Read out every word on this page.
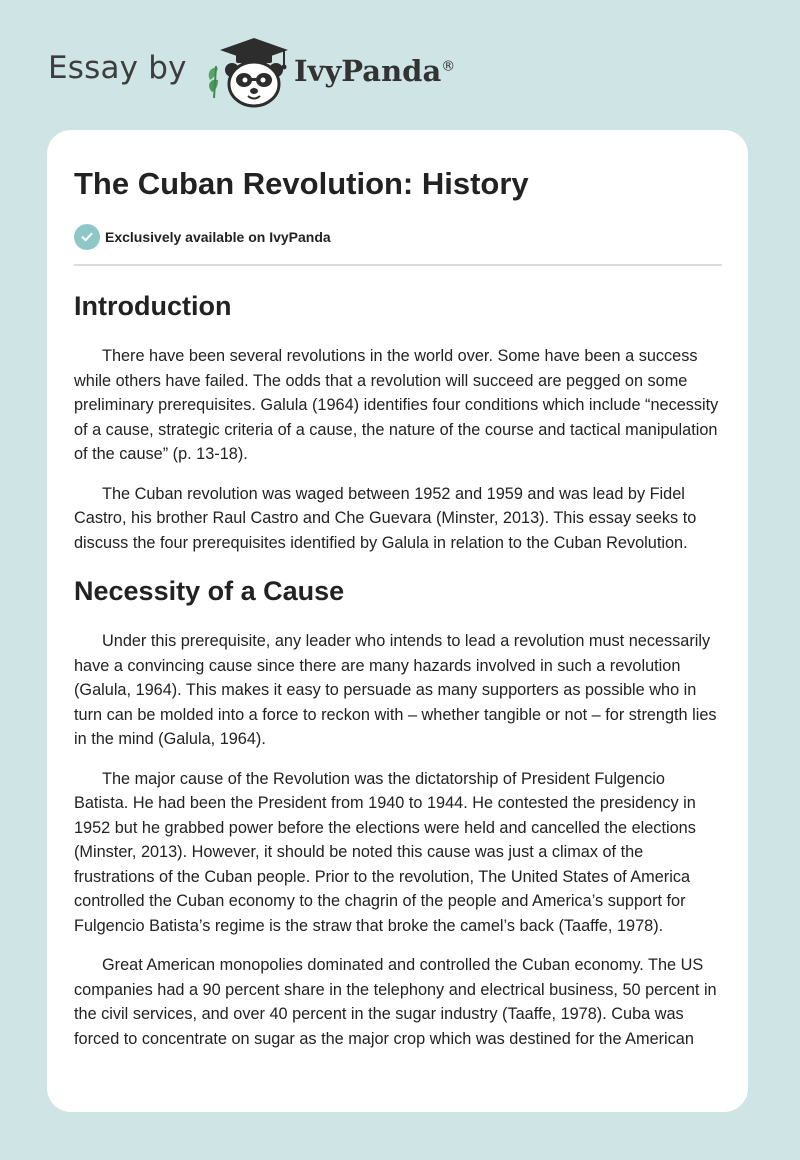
Essay by	IvyPanda®
The Cuban Revolution: History
Exclusively available on IvyPanda
Introduction

There have been several revolutions in the world over. Some have been a success while others have failed. The odds that a revolution will succeed are pegged on some preliminary prerequisites. Galula (1964) identifies four conditions which include “necessity of a cause, strategic criteria of a cause, the nature of the course and tactical manipulation of the cause” (p. 13-18).

The Cuban revolution was waged between 1952 and 1959 and was lead by Fidel Castro, his brother Raul Castro and Che Guevara (Minster, 2013). This essay seeks to discuss the four prerequisites identified by Galula in relation to the Cuban Revolution.

Necessity of a Cause

Under this prerequisite, any leader who intends to lead a revolution must necessarily have a convincing cause since there are many hazards involved in such a revolution (Galula, 1964). This makes it easy to persuade as many supporters as possible who in turn can be molded into a force to reckon with – whether tangible or not – for strength lies in the mind (Galula, 1964).

The major cause of the Revolution was the dictatorship of President Fulgencio Batista. He had been the President from 1940 to 1944. He contested the presidency in 1952 but he grabbed power before the elections were held and cancelled the elections (Minster, 2013). However, it should be noted this cause was just a climax of the frustrations of the Cuban people. Prior to the revolution, The United States of America controlled the Cuban economy to the chagrin of the people and America’s support for Fulgencio Batista’s regime is the straw that broke the camel’s back (Taaffe, 1978).

Great American monopolies dominated and controlled the Cuban economy. The US companies had a 90 percent share in the telephony and electrical business, 50 percent in the civil services, and over 40 percent in the sugar industry (Taaffe, 1978). Cuba was forced to concentrate on sugar as the major crop which was destined for the American
